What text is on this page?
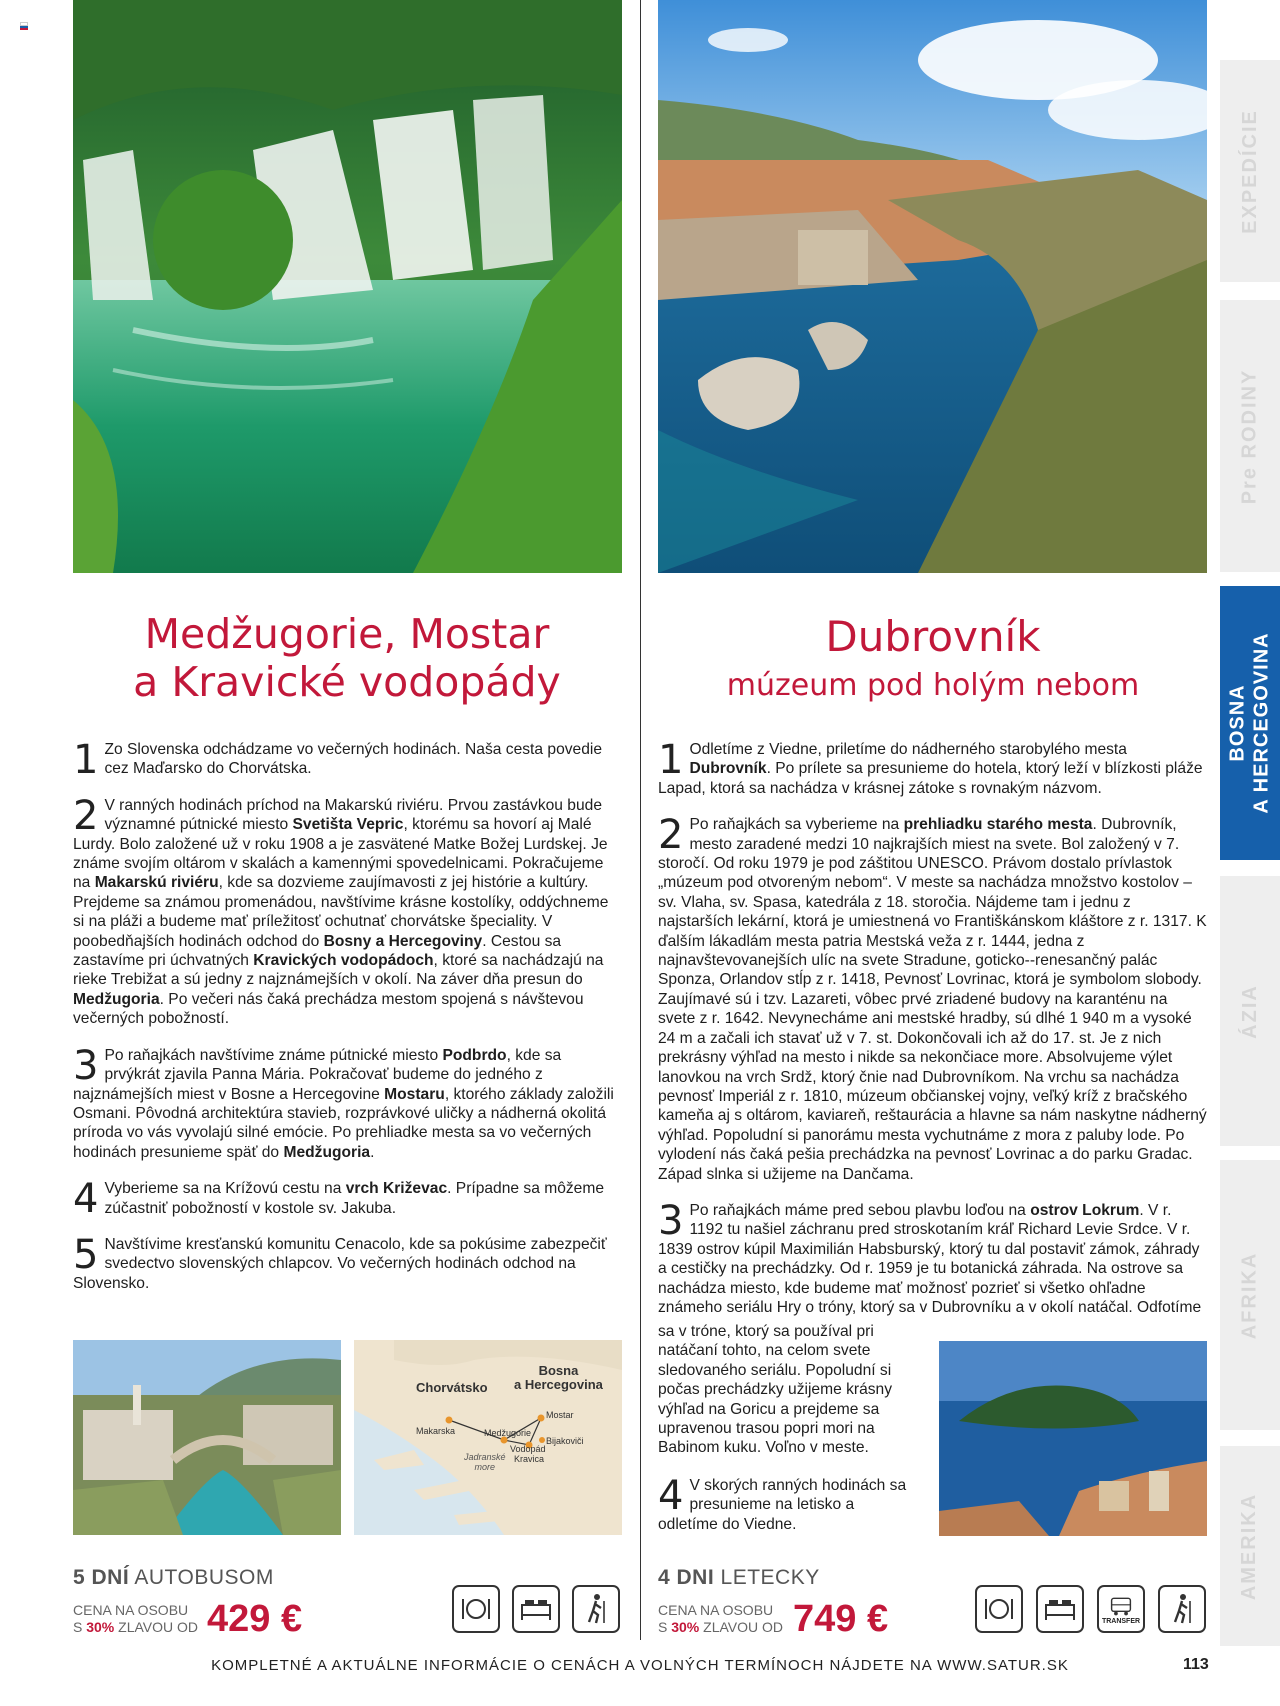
Medžugorie, Mostar
a Kravické vodopády
Dubrovník
múzeum pod holým nebom

1 Zo Slovenska odchádzame vo večerných hodinách. Naša cesta povedie cez Maďarsko do Chorvátska.

2 V ranných hodinách príchod na Makarskú riviéru. Prvou zastávkou bude významné pútnické miesto Svetišta Vepric, ktorému sa hovorí aj Malé Lurdy. Bolo založené už v roku 1908 a je zasvätené Matke Božej Lurdskej. Je známe svojím oltárom v skalách a kamennými spovedelnicami. Pokračujeme na Makarskú riviéru, kde sa dozvieme zaujímavosti z jej histórie a kultúry. Prejdeme sa známou promenádou, navštívime krásne kostolíky, oddýchneme si na pláži a budeme mať príležitosť ochutnať chorvátske špeciality. V poobedňajších hodinách odchod do Bosny a Hercegoviny. Cestou sa zastavíme pri úchvatných Kravických vodopádoch, ktoré sa nachádzajú na rieke Trebižat a sú jedny z najznámejších v okolí. Na záver dňa presun do Medžugoria. Po večeri nás čaká prechádza mestom spojená s návštevou večerných pobožností.

3 Po raňajkách navštívime známe pútnické miesto Podbrdo, kde sa prvýkrát zjavila Panna Mária. Pokračovať budeme do jedného z najznámejších miest v Bosne a Hercegovine Mostaru, ktorého základy založili Osmani. Pôvodná architektúra stavieb, rozprávkové uličky a nádherná okolitá príroda vo vás vyvolajú silné emócie. Po prehliadke mesta sa vo večerných hodinách presunieme späť do Medžugoria.

4 Vyberieme sa na Krížovú cestu na vrch Križevac. Prípadne sa môžeme zúčastniť pobožností v kostole sv. Jakuba.

5 Navštívime kresťanskú komunitu Cenacolo, kde sa pokúsime zabezpečiť svedectvo slovenských chlapcov. Vo večerných hodinách odchod na Slovensko.

1 Odletíme z Viedne, priletíme do nádherného starobylého mesta Dubrovník. Po prílete sa presunieme do hotela, ktorý leží v blízkosti pláže Lapad, ktorá sa nachádza v krásnej zátoke s rovnakým názvom.

2 Po raňajkách sa vyberieme na prehliadku starého mesta. Dubrovník, mesto zaradené medzi 10 najkrajších miest na svete. Bol založený v 7. storočí. Od roku 1979 je pod záštitou UNESCO. Právom dostalo prívlastok „múzeum pod otvoreným nebom“. V meste sa nachádza množstvo kostolov – sv. Vlaha, sv. Spasa, katedrála z 18. storočia. Nájdeme tam i jednu z najstarších lekární, ktorá je umiestnená vo Františkánskom kláštore z r. 1317. K ďalším lákadlám mesta patria Mestská veža z r. 1444, jedna z najnavštevovanejších ulíc na svete Stradune, goticko--renesančný palác Sponza, Orlandov stĺp z r. 1418, Pevnosť Lovrinac, ktorá je symbolom slobody. Zaujímavé sú i tzv. Lazareti, vôbec prvé zriadené budovy na karanténu na svete z r. 1642. Nevynecháme ani mestské hradby, sú dlhé 1 940 m a vysoké 24 m a začali ich stavať už v 7. st. Dokončovali ich až do 17. st. Je z nich prekrásny výhľad na mesto i nikde sa nekončiace more. Absolvujeme výlet lanovkou na vrch Srdž, ktorý čnie nad Dubrovníkom. Na vrchu sa nachádza pevnosť Imperiál z r. 1810, múzeum občianskej vojny, veľký kríž z bračského kameňa aj s oltárom, kaviareň, reštaurácia a hlavne sa nám naskytne nádherný výhľad. Popoludní si panorámu mesta vychutnáme z mora z paluby lode. Po vylodení nás čaká pešia prechádzka na pevnosť Lovrinac a do parku Gradac. Západ slnka si užijeme na Dančama.

3 Po raňajkách máme pred sebou plavbu loďou na ostrov Lokrum. V r. 1192 tu našiel záchranu pred stroskotaním kráľ Richard Levie Srdce. V r. 1839 ostrov kúpil Maximilián Habsburský, ktorý tu dal postaviť zámok, záhrady a cestičky na prechádzky. Od r. 1959 je tu botanická záhrada. Na ostrove sa nachádza miesto, kde budeme mať možnosť pozrieť si všetko ohľadne známeho seriálu Hry o tróny, ktorý sa v Dubrovníku a v okolí natáčal. Odfotíme

sa v tróne, ktorý sa používal pri natáčaní tohto, na celom svete sledovaného seriálu. Popoludní si počas prechádzky užijeme krásny výhľad na Goricu a prejdeme sa upravenou trasou popri mori na Babinom kuku. Voľno v meste.

4 V skorých ranných hodinách sa presunieme na letisko a odletíme do Viedne.

Chorvátsko
Bosna
a Hercegovina
Makarska	Medžugorie
Mostar
Vodopád
Kravica
Bijakoviči
Jadranské
more
5 DNÍ AUTOBUSOM
CENA NA OSOBU
S 30% ZLAVOU OD 429 €
4 DNI LETECKY
CENA NA OSOBU
S 30% ZLAVOU OD 749 €	TRANSFER
EXPEDÍCIE
Pre RODINY
BOSNA A HERCEGOVINA
ÁZIA
AFRIKA
AMERIKA
KOMPLETNÉ A AKTUÁLNE INFORMÁCIE O CENÁCH A VOLNÝCH TERMÍNOCH NÁJDETE NA WWW.SATUR.SK	113
